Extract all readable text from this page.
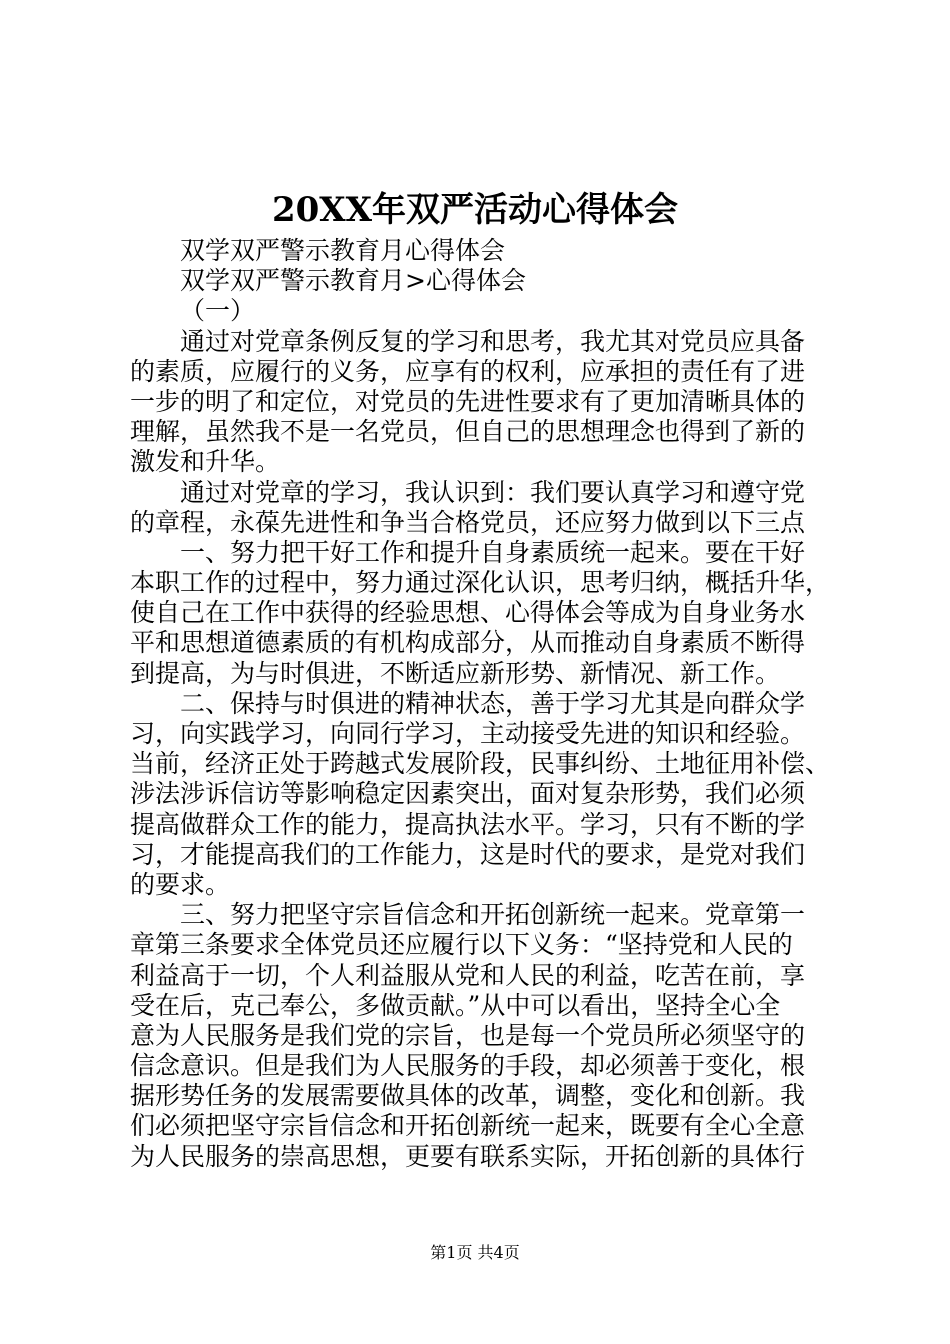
20XX年双严活动心得体会
双学双严警示教育月心得体会
双学双严警示教育月>心得体会
（一）
通过对党章条例反复的学习和思考，我尤其对党员应具备
的素质，应履行的义务，应享有的权利，应承担的责任有了进
一步的明了和定位，对党员的先进性要求有了更加清晰具体的
理解，虽然我不是一名党员，但自己的思想理念也得到了新的
激发和升华。
通过对党章的学习，我认识到：我们要认真学习和遵守党
的章程，永葆先进性和争当合格党员，还应努力做到以下三点
一、努力把干好工作和提升自身素质统一起来。要在干好
本职工作的过程中，努力通过深化认识，思考归纳，概括升华，
使自己在工作中获得的经验思想、心得体会等成为自身业务水
平和思想道德素质的有机构成部分，从而推动自身素质不断得
到提高，为与时俱进，不断适应新形势、新情况、新工作。
二、保持与时俱进的精神状态，善于学习尤其是向群众学
习，向实践学习，向同行学习，主动接受先进的知识和经验。
当前，经济正处于跨越式发展阶段，民事纠纷、土地征用补偿、
涉法涉诉信访等影响稳定因素突出，面对复杂形势，我们必须
提高做群众工作的能力，提高执法水平。学习，只有不断的学
习，才能提高我们的工作能力，这是时代的要求，是党对我们
的要求。
三、努力把坚守宗旨信念和开拓创新统一起来。党章第一
章第三条要求全体党员还应履行以下义务：“坚持党和人民的
利益高于一切，个人利益服从党和人民的利益，吃苦在前，享
受在后，克己奉公，多做贡献。”从中可以看出，坚持全心全
意为人民服务是我们党的宗旨，也是每一个党员所必须坚守的
信念意识。但是我们为人民服务的手段，却必须善于变化，根
据形势任务的发展需要做具体的改革，调整，变化和创新。我
们必须把坚守宗旨信念和开拓创新统一起来，既要有全心全意
为人民服务的崇高思想，更要有联系实际，开拓创新的具体行
第1页 共4页
